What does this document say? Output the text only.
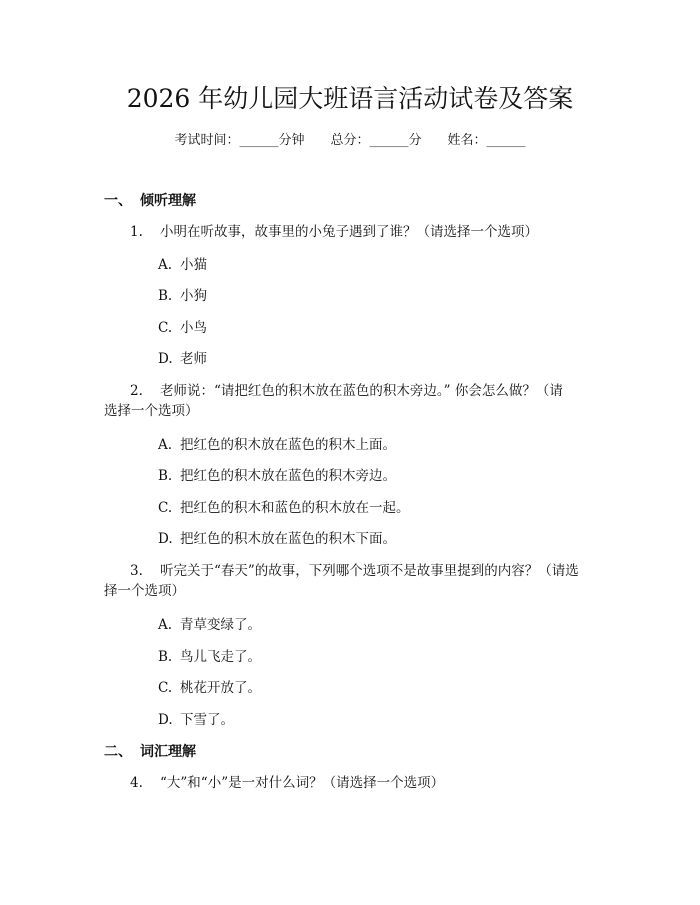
2026 年幼儿园大班语言活动试卷及答案
考试时间：______分钟 总分：______分 姓名：______
一、 倾听理解
1. 小明在听故事，故事里的小兔子遇到了谁？（请选择一个选项）
A. 小猫
B. 小狗
C. 小鸟
D. 老师
2. 老师说：“请把红色的积木放在蓝色的积木旁边。” 你会怎么做？（请
选择一个选项）
A. 把红色的积木放在蓝色的积木上面。
B. 把红色的积木放在蓝色的积木旁边。
C. 把红色的积木和蓝色的积木放在一起。
D. 把红色的积木放在蓝色的积木下面。
3. 听完关于“春天”的故事，下列哪个选项不是故事里提到的内容？（请选
择一个选项）
A. 青草变绿了。
B. 鸟儿飞走了。
C. 桃花开放了。
D. 下雪了。
二、 词汇理解
4. “大”和“小”是一对什么词？（请选择一个选项）
